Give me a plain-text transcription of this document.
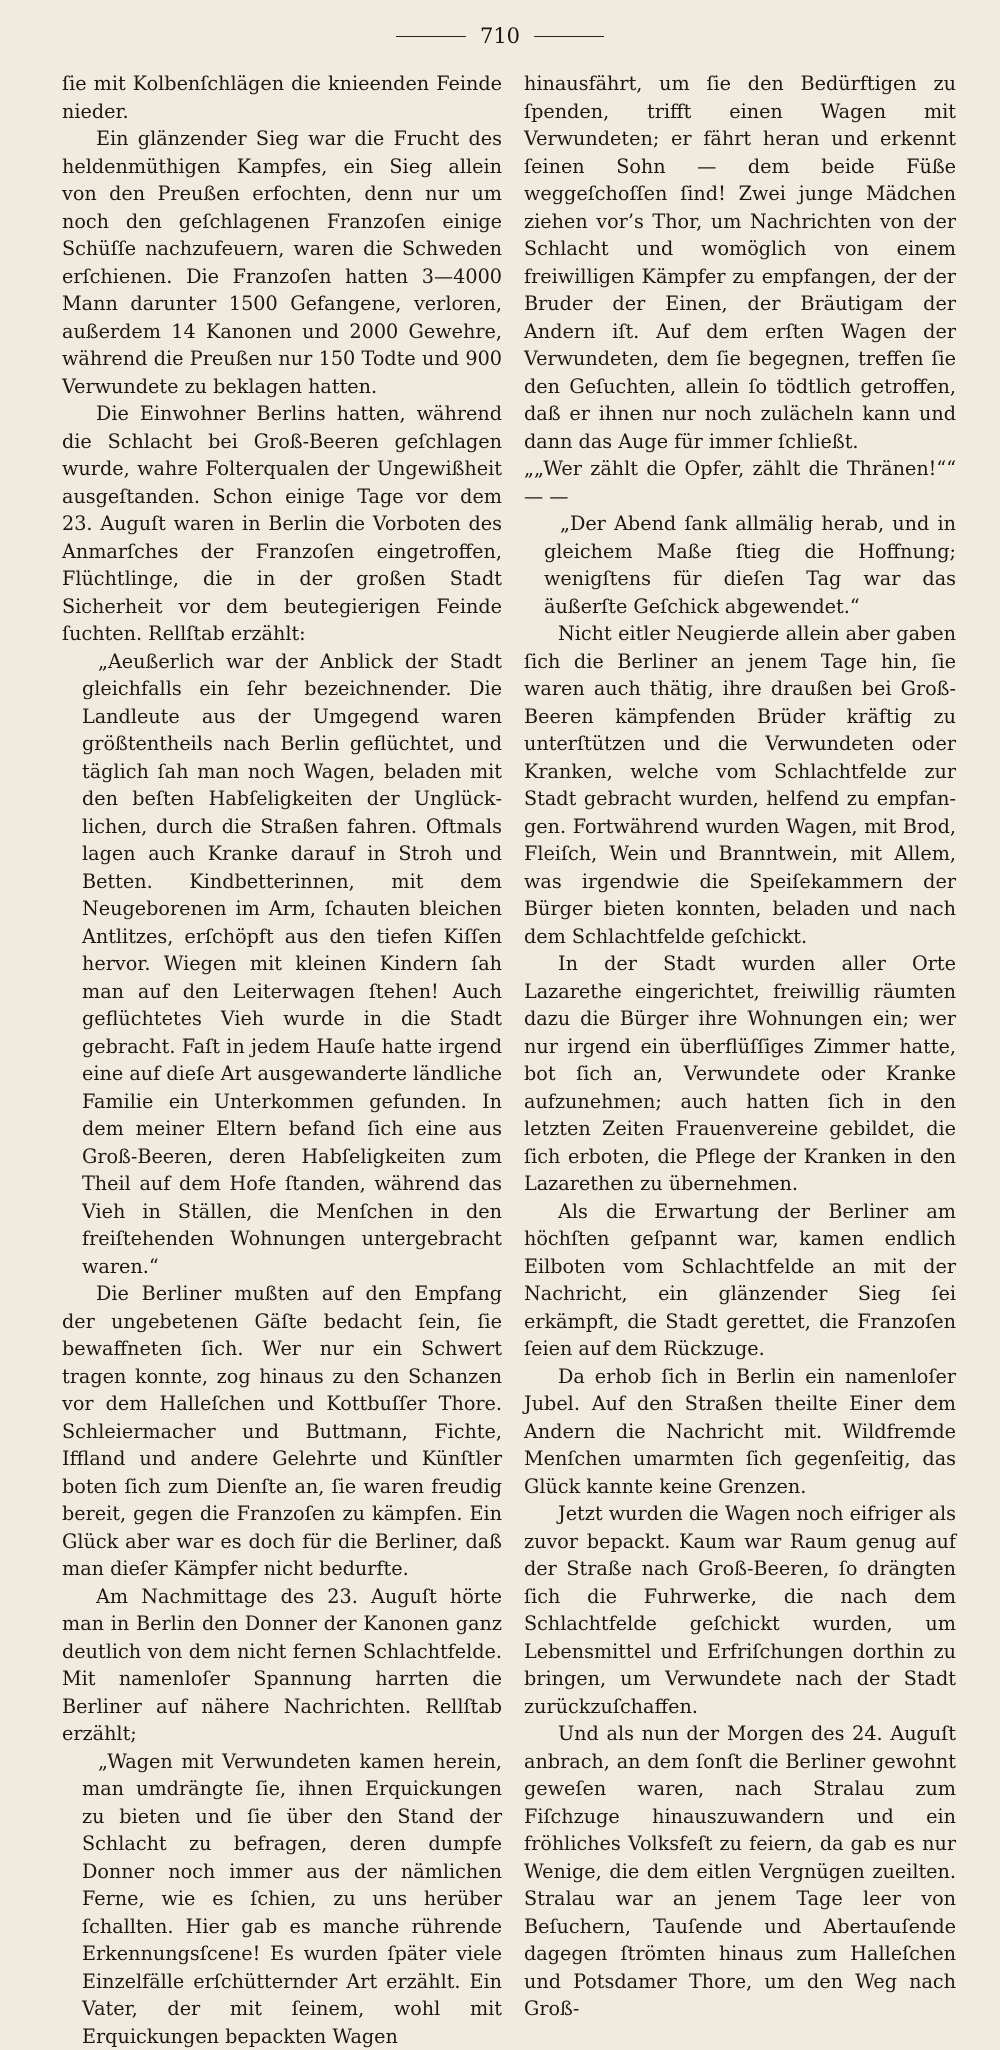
710

ſie mit Kolbenſchlägen die knieenden Feinde nieder.

Ein glänzender Sieg war die Frucht des heldenmüthigen Kampfes, ein Sieg allein von den Preußen erfochten, denn nur um noch den geſchlagenen Franzoſen einige Schüſſe nachzufeuern, waren die Schweden erſchienen. Die Franzoſen hatten 3—4000 Mann darunter 1500 Gefangene, verloren, außerdem 14 Kanonen und 2000 Gewehre, während die Preußen nur 150 Todte und 900 Verwundete zu beklagen hatten.

Die Einwohner Berlins hatten, während die Schlacht bei Groß-Beeren geſchlagen wurde, wahre Folterqualen der Ungewißheit ausgeſtanden. Schon einige Tage vor dem 23. Auguſt waren in Berlin die Vorboten des Anmarſches der Franzoſen eingetroffen, Flüchtlinge, die in der großen Stadt Sicherheit vor dem beutegierigen Feinde ſuchten. Rellſtab erzählt:

„Aeußerlich war der Anblick der Stadt gleichfalls ein ſehr bezeichnender. Die Landleute aus der Umgegend waren größtentheils nach Berlin geflüchtet, und täglich ſah man noch Wagen, beladen mit den beſten Habſeligkeiten der Unglücklichen, durch die Straßen fahren. Oftmals lagen auch Kranke darauf in Stroh und Betten. Kindbetterinnen, mit dem Neugeborenen im Arm, ſchauten bleichen Antlitzes, erſchöpft aus den tiefen Kiſſen hervor. Wiegen mit kleinen Kindern ſah man auf den Leiterwagen ſtehen! Auch geflüchtetes Vieh wurde in die Stadt gebracht. Faſt in jedem Hauſe hatte irgend eine auf dieſe Art ausgewanderte ländliche Familie ein Unterkommen gefunden. In dem meiner Eltern befand ſich eine aus Groß-Beeren, deren Habſeligkeiten zum Theil auf dem Hofe ſtanden, während das Vieh in Ställen, die Menſchen in den freiſtehenden Wohnungen untergebracht waren.“

Die Berliner mußten auf den Empfang der ungebetenen Gäſte bedacht ſein, ſie bewaffneten ſich. Wer nur ein Schwert tragen konnte, zog hinaus zu den Schanzen vor dem Halleſchen und Kottbuſſer Thore. Schleiermacher und Buttmann, Fichte, Iffland und andere Gelehrte und Künſtler boten ſich zum Dienſte an, ſie waren freudig bereit, gegen die Franzoſen zu kämpfen. Ein Glück aber war es doch für die Berliner, daß man dieſer Kämpfer nicht bedurfte.

Am Nachmittage des 23. Auguſt hörte man in Berlin den Donner der Kanonen ganz deutlich von dem nicht fernen Schlachtfelde. Mit namenloſer Spannung harrten die Berliner auf nähere Nachrichten. Rellſtab erzählt;

„Wagen mit Verwundeten kamen herein, man umdrängte ſie, ihnen Erquickungen zu bieten und ſie über den Stand der Schlacht zu befragen, deren dumpfe Donner noch immer aus der nämlichen Ferne, wie es ſchien, zu uns herüber ſchallten. Hier gab es manche rührende Erkennungsſcene! Es wurden ſpäter viele Einzelfälle erſchütternder Art erzählt. Ein Vater, der mit ſeinem, wohl mit Erquickungen bepackten Wagen

hinausfährt, um ſie den Bedürftigen zu ſpenden, trifft einen Wagen mit Verwundeten; er fährt heran und erkennt ſeinen Sohn — dem beide Füße weggeſchoſſen ſind! Zwei junge Mädchen ziehen vor’s Thor, um Nachrichten von der Schlacht und womöglich von einem freiwilligen Kämpfer zu empfangen, der der Bruder der Einen, der Bräutigam der Andern iſt. Auf dem erſten Wagen der Verwundeten, dem ſie begegnen, treffen ſie den Geſuchten, allein ſo tödtlich getroffen, daß er ihnen nur noch zulächeln kann und dann das Auge für immer ſchließt.

„„Wer zählt die Opfer, zählt die Thränen!““ — —

„Der Abend ſank allmälig herab, und in gleichem Maße ſtieg die Hoffnung; wenigſtens für dieſen Tag war das äußerſte Geſchick abgewendet.“

Nicht eitler Neugierde allein aber gaben ſich die Berliner an jenem Tage hin, ſie waren auch thätig, ihre draußen bei Groß-Beeren kämpfenden Brüder kräftig zu unterſtützen und die Verwundeten oder Kranken, welche vom Schlachtfelde zur Stadt gebracht wurden, helfend zu empfangen. Fortwährend wurden Wagen, mit Brod, Fleiſch, Wein und Branntwein, mit Allem, was irgendwie die Speiſekammern der Bürger bieten konnten, beladen und nach dem Schlachtfelde geſchickt.

In der Stadt wurden aller Orte Lazarethe eingerichtet, freiwillig räumten dazu die Bürger ihre Wohnungen ein; wer nur irgend ein überflüſſiges Zimmer hatte, bot ſich an, Verwundete oder Kranke aufzunehmen; auch hatten ſich in den letzten Zeiten Frauenvereine gebildet, die ſich erboten, die Pflege der Kranken in den Lazarethen zu übernehmen.

Als die Erwartung der Berliner am höchſten geſpannt war, kamen endlich Eilboten vom Schlachtfelde an mit der Nachricht, ein glänzender Sieg ſei erkämpft, die Stadt gerettet, die Franzoſen ſeien auf dem Rückzuge.

Da erhob ſich in Berlin ein namenloſer Jubel. Auf den Straßen theilte Einer dem Andern die Nachricht mit. Wildfremde Menſchen umarmten ſich gegenſeitig, das Glück kannte keine Grenzen.

Jetzt wurden die Wagen noch eifriger als zuvor bepackt. Kaum war Raum genug auf der Straße nach Groß-Beeren, ſo drängten ſich die Fuhrwerke, die nach dem Schlachtfelde geſchickt wurden, um Lebensmittel und Erfriſchungen dorthin zu bringen, um Verwundete nach der Stadt zurückzuſchaffen.

Und als nun der Morgen des 24. Auguſt anbrach, an dem ſonſt die Berliner gewohnt geweſen waren, nach Stralau zum Fiſchzuge hinauszuwandern und ein fröhliches Volksfeſt zu feiern, da gab es nur Wenige, die dem eitlen Vergnügen zueilten. Stralau war an jenem Tage leer von Beſuchern, Tauſende und Abertauſende dagegen ſtrömten hinaus zum Halleſchen und Potsdamer Thore, um den Weg nach Groß-
